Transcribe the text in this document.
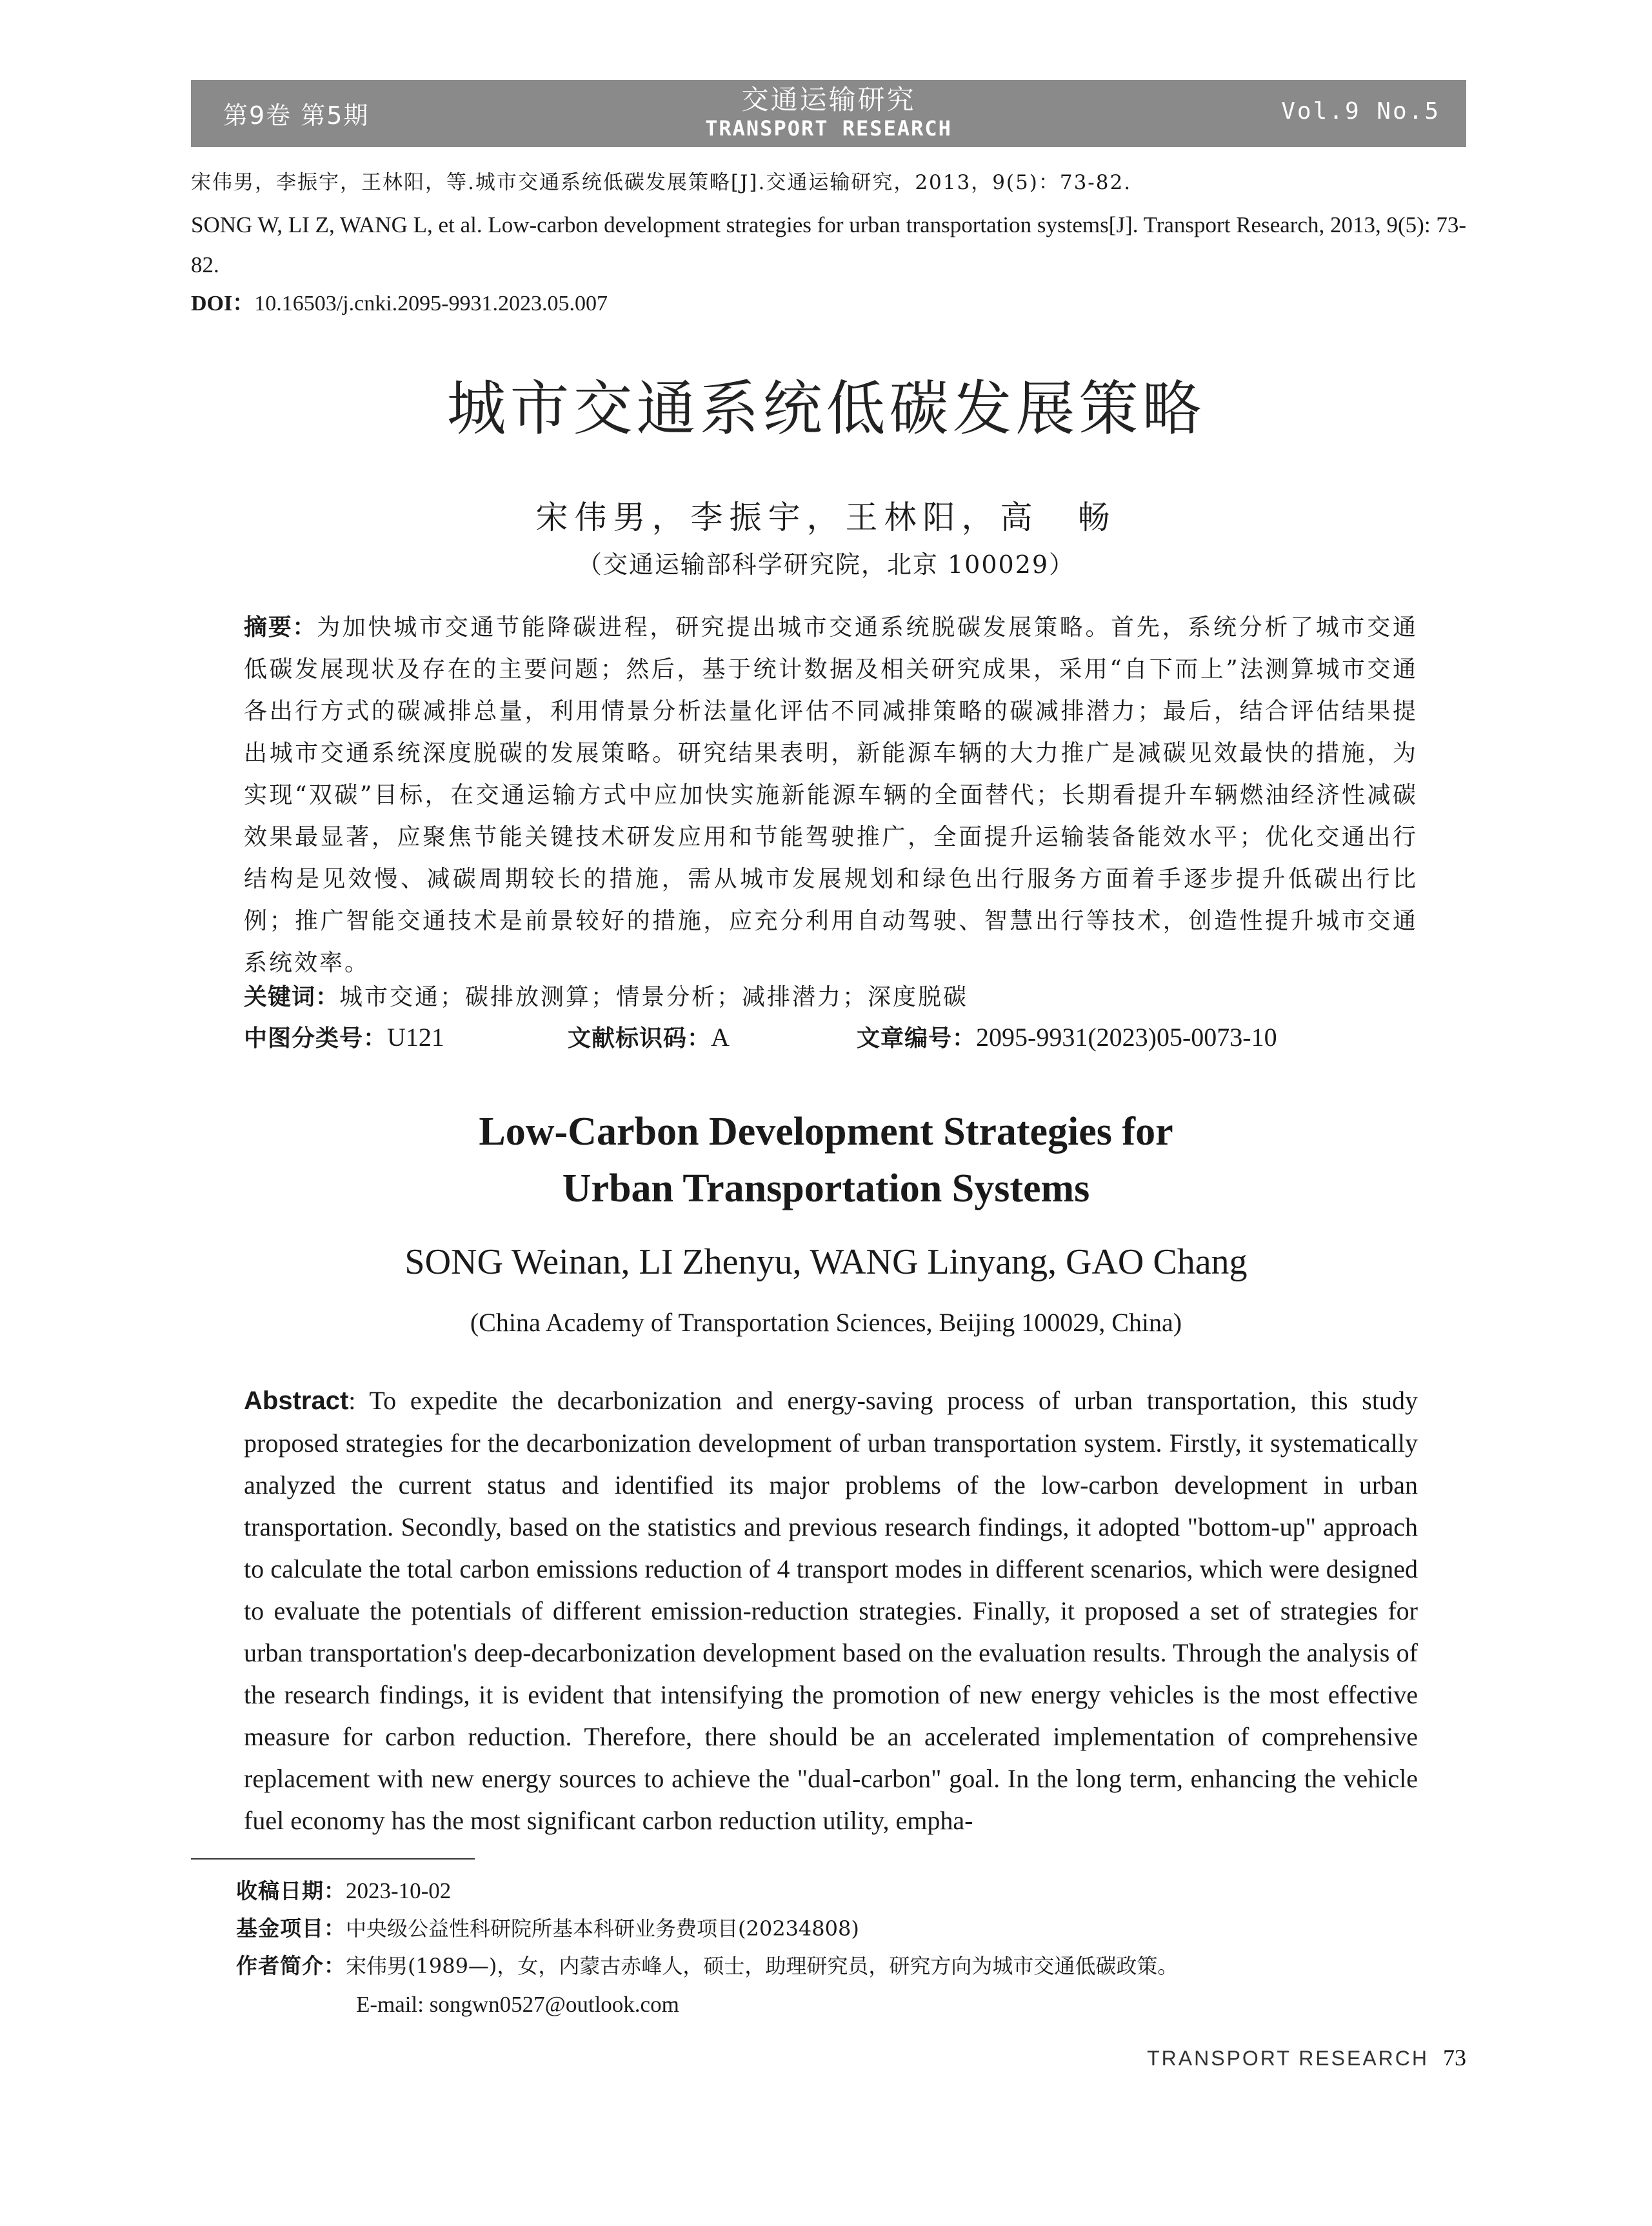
第9卷 第5期	交通运输研究
TRANSPORT RESEARCH
Vol.9 No.5
宋伟男，李振宇，王林阳，等.城市交通系统低碳发展策略[J].交通运输研究，2013，9(5)：73-82.
SONG W, LI Z, WANG L, et al. Low-carbon development strategies for urban transportation systems[J]. Transport Research, 2013, 9(5): 73-82.
DOI：10.16503/j.cnki.2095-9931.2023.05.007
城市交通系统低碳发展策略
宋伟男，李振宇，王林阳，高　畅
（交通运输部科学研究院，北京 100029）
摘要：为加快城市交通节能降碳进程，研究提出城市交通系统脱碳发展策略。首先，系统分析了城市交通低碳发展现状及存在的主要问题；然后，基于统计数据及相关研究成果，采用“自下而上”法测算城市交通各出行方式的碳减排总量，利用情景分析法量化评估不同减排策略的碳减排潜力；最后，结合评估结果提出城市交通系统深度脱碳的发展策略。研究结果表明，新能源车辆的大力推广是减碳见效最快的措施，为实现“双碳”目标，在交通运输方式中应加快实施新能源车辆的全面替代；长期看提升车辆燃油经济性减碳效果最显著，应聚焦节能关键技术研发应用和节能驾驶推广，全面提升运输装备能效水平；优化交通出行结构是见效慢、减碳周期较长的措施，需从城市发展规划和绿色出行服务方面着手逐步提升低碳出行比例；推广智能交通技术是前景较好的措施，应充分利用自动驾驶、智慧出行等技术，创造性提升城市交通系统效率。
关键词：城市交通；碳排放测算；情景分析；减排潜力；深度脱碳
中图分类号：U121	文献标识码：A	文章编号：2095-9931(2023)05-0073-10
Low-Carbon Development Strategies for
Urban Transportation Systems
SONG Weinan, LI Zhenyu, WANG Linyang, GAO Chang
(China Academy of Transportation Sciences, Beijing 100029, China)
Abstract: To expedite the decarbonization and energy-saving process of urban transportation, this study proposed strategies for the decarbonization development of urban transportation system. Firstly, it systematically analyzed the current status and identified its major problems of the low-carbon development in urban transportation. Secondly, based on the statistics and previous research findings, it adopted "bottom-up" approach to calculate the total carbon emissions reduction of 4 transport modes in different scenarios, which were designed to evaluate the potentials of different emission-reduction strategies. Finally, it proposed a set of strategies for urban transportation's deep-decarbonization development based on the evaluation results. Through the analysis of the research findings, it is evident that intensifying the promotion of new energy vehicles is the most effective measure for carbon reduction. Therefore, there should be an accelerated implementation of comprehensive replacement with new energy sources to achieve the "dual-carbon" goal. In the long term, enhancing the vehicle fuel economy has the most significant carbon reduction utility, empha-
收稿日期：2023-10-02
基金项目：中央级公益性科研院所基本科研业务费项目(20234808)
作者简介：宋伟男(1989—)，女，内蒙古赤峰人，硕士，助理研究员，研究方向为城市交通低碳政策。
E-mail: songwn0527@outlook.com
TRANSPORT RESEARCH 73
